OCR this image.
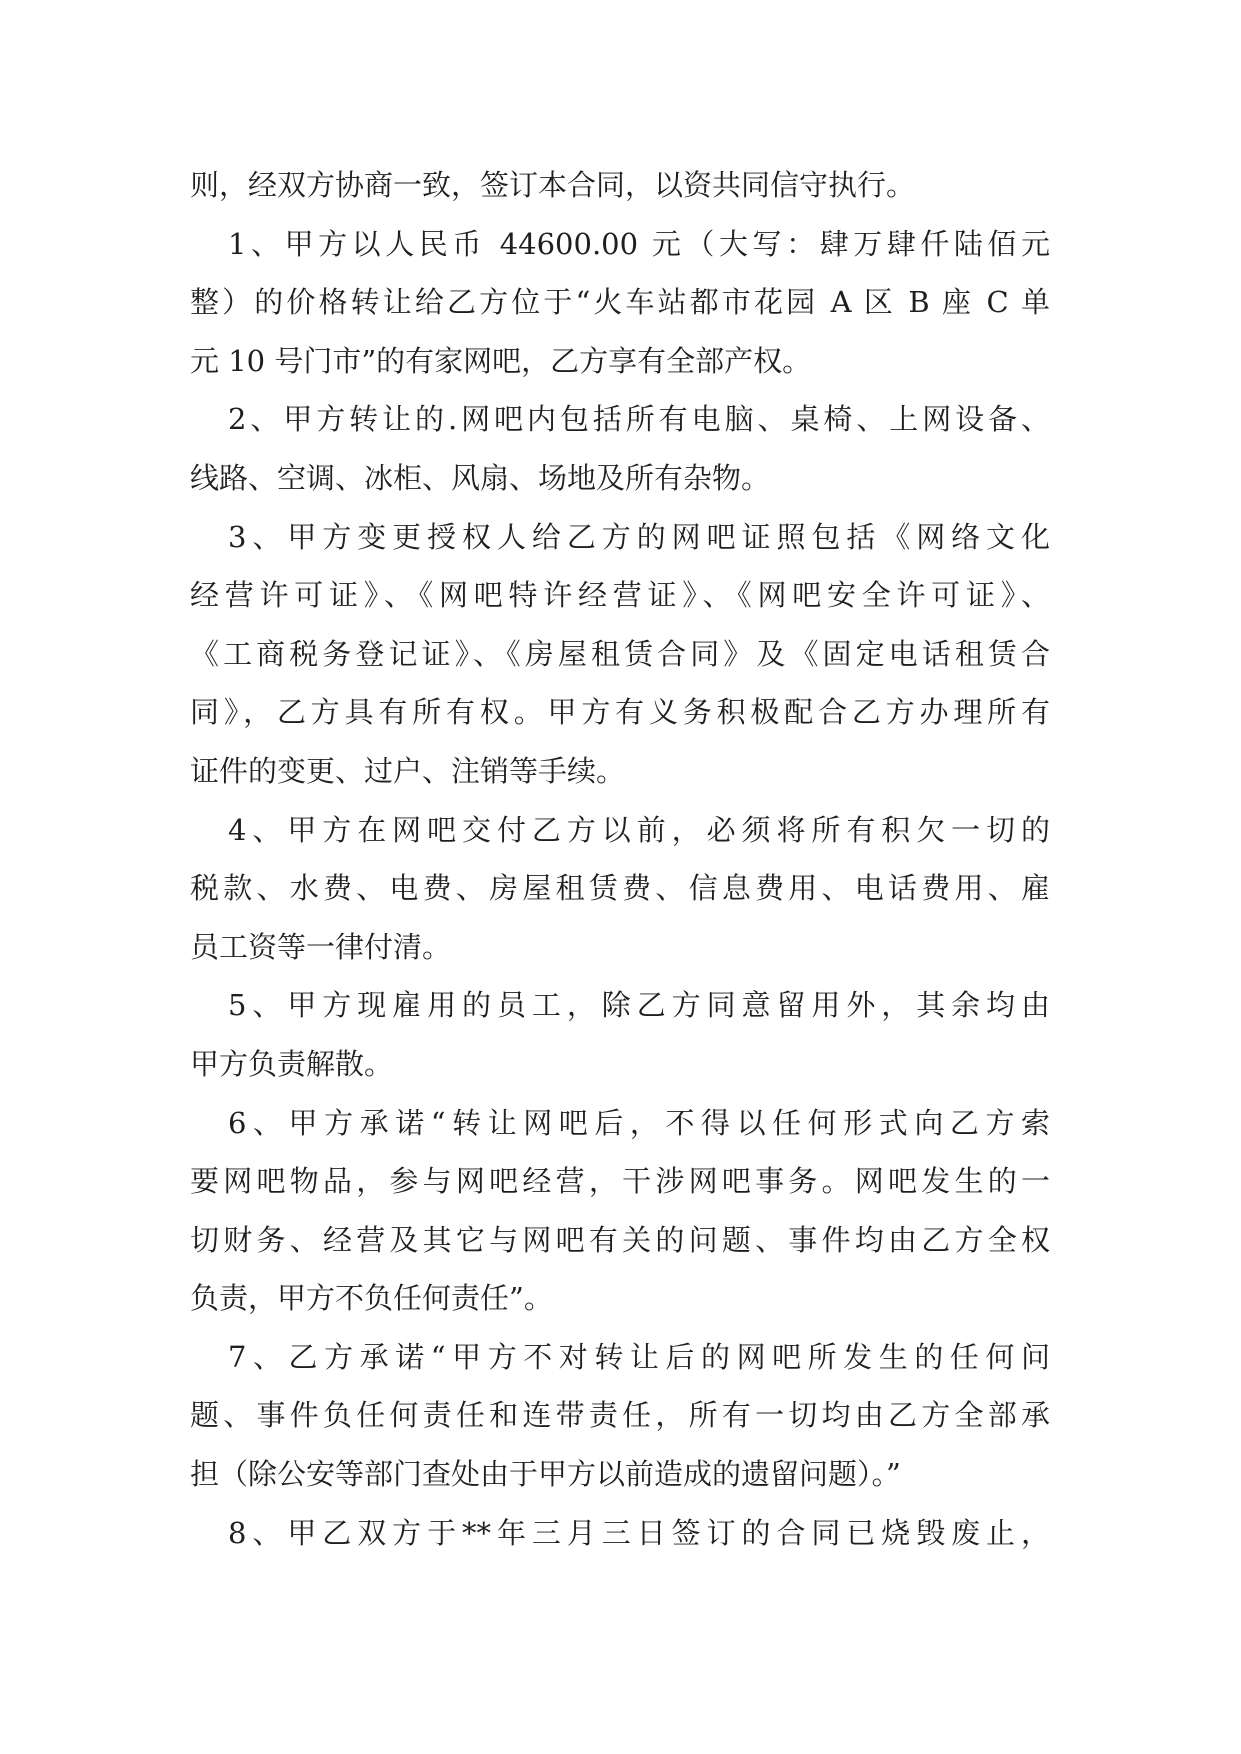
则，经双方协商一致，签订本合同，以资共同信守执行。
1、甲方以人民币 44600.00 元（大写：肆万肆仟陆佰元
整）的价格转让给乙方位于“火车站都市花园 A 区 B 座 C 单
元 10 号门市”的有家网吧，乙方享有全部产权。
2、甲方转让的.网吧内包括所有电脑、桌椅、上网设备、
线路、空调、冰柜、风扇、场地及所有杂物。
3、甲方变更授权人给乙方的网吧证照包括《网络文化
经营许可证》、《网吧特许经营证》、《网吧安全许可证》、
《工商税务登记证》、《房屋租赁合同》及《固定电话租赁合
同》，乙方具有所有权。甲方有义务积极配合乙方办理所有
证件的变更、过户、注销等手续。
4、甲方在网吧交付乙方以前，必须将所有积欠一切的
税款、水费、电费、房屋租赁费、信息费用、电话费用、雇
员工资等一律付清。
5、甲方现雇用的员工，除乙方同意留用外，其余均由
甲方负责解散。
6、甲方承诺“转让网吧后，不得以任何形式向乙方索
要网吧物品，参与网吧经营，干涉网吧事务。网吧发生的一
切财务、经营及其它与网吧有关的问题、事件均由乙方全权
负责，甲方不负任何责任”。
7、乙方承诺“甲方不对转让后的网吧所发生的任何问
题、事件负任何责任和连带责任，所有一切均由乙方全部承
担（除公安等部门查处由于甲方以前造成的遗留问题）。”
8、甲乙双方于**年三月三日签订的合同已烧毁废止，
